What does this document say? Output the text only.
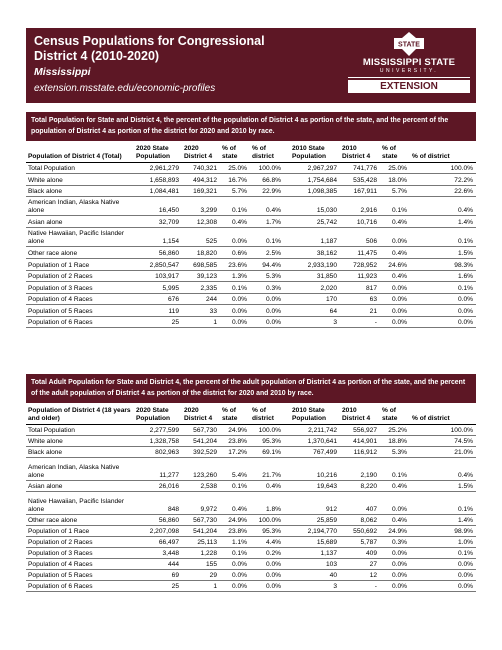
Census Populations for Congressional District 4 (2010-2020)
Mississippi
extension.msstate.edu/economic-profiles
STATE
MISSISSIPPI STATE
UNIVERSITY.
EXTENSION
Total Population for State and District 4, the percent of the population of District 4 as portion of the state, and the percent of the population of District 4 as portion of the district for 2020 and 2010 by race.
Population of District 4 (Total)	2020 State Population	2020 District 4	% of state	% of district		2010 State Population	2010 District 4	% of state	% of district
Total Population	2,961,279	740,321	25.0%	100.0%		2,967,297	741,776	25.0%	100.0%
White alone	1,658,893	494,312	16.7%	66.8%		1,754,684	535,428	18.0%	72.2%
Black alone	1,084,481	169,321	5.7%	22.9%		1,098,385	167,911	5.7%	22.6%
American Indian, Alaska Native alone	16,450	3,299	0.1%	0.4%		15,030	2,916	0.1%	0.4%
Asian alone	32,709	12,308	0.4%	1.7%		25,742	10,716	0.4%	1.4%
Native Hawaiian, Pacific Islander alone	1,154	525	0.0%	0.1%		1,187	506	0.0%	0.1%
Other race alone	56,860	18,820	0.6%	2.5%		38,162	11,475	0.4%	1.5%
Population of 1 Race	2,850,547	698,585	23.6%	94.4%		2,933,190	728,952	24.6%	98.3%
Population of 2 Races	103,917	39,123	1.3%	5.3%		31,850	11,923	0.4%	1.6%
Population of 3 Races	5,995	2,335	0.1%	0.3%		2,020	817	0.0%	0.1%
Population of 4 Races	676	244	0.0%	0.0%		170	63	0.0%	0.0%
Population of 5 Races	119	33	0.0%	0.0%		64	21	0.0%	0.0%
Population of 6 Races	25	1	0.0%	0.0%		3	-	0.0%	0.0%
Total Adult Population for State and District 4, the percent of the adult population of District 4 as portion of the state, and the percent of the adult population of District 4 as portion of the district for 2020 and 2010 by race.
Population of District 4 (18 years and older)	2020 State Population	2020 District 4	% of state	% of district		2010 State Population	2010 District 4	% of state	% of district
Total Population	2,277,599	567,730	24.9%	100.0%		2,211,742	556,927	25.2%	100.0%
White alone	1,328,758	541,204	23.8%	95.3%		1,370,641	414,901	18.8%	74.5%
Black alone	802,963	392,529	17.2%	69.1%		767,499	116,912	5.3%	21.0%
American Indian, Alaska Native alone	11,277	123,260	5.4%	21.7%		10,216	2,190	0.1%	0.4%
Asian alone	26,016	2,538	0.1%	0.4%		19,643	8,220	0.4%	1.5%
Native Hawaiian, Pacific Islander alone	848	9,972	0.4%	1.8%		912	407	0.0%	0.1%
Other race alone	56,860	567,730	24.9%	100.0%		25,859	8,062	0.4%	1.4%
Population of 1 Race	2,207,098	541,204	23.8%	95.3%		2,194,770	550,692	24.9%	98.9%
Population of 2 Races	66,497	25,113	1.1%	4.4%		15,689	5,787	0.3%	1.0%
Population of 3 Races	3,448	1,228	0.1%	0.2%		1,137	409	0.0%	0.1%
Population of 4 Races	444	155	0.0%	0.0%		103	27	0.0%	0.0%
Population of 5 Races	69	29	0.0%	0.0%		40	12	0.0%	0.0%
Population of 6 Races	25	1	0.0%	0.0%		3	-	0.0%	0.0%
